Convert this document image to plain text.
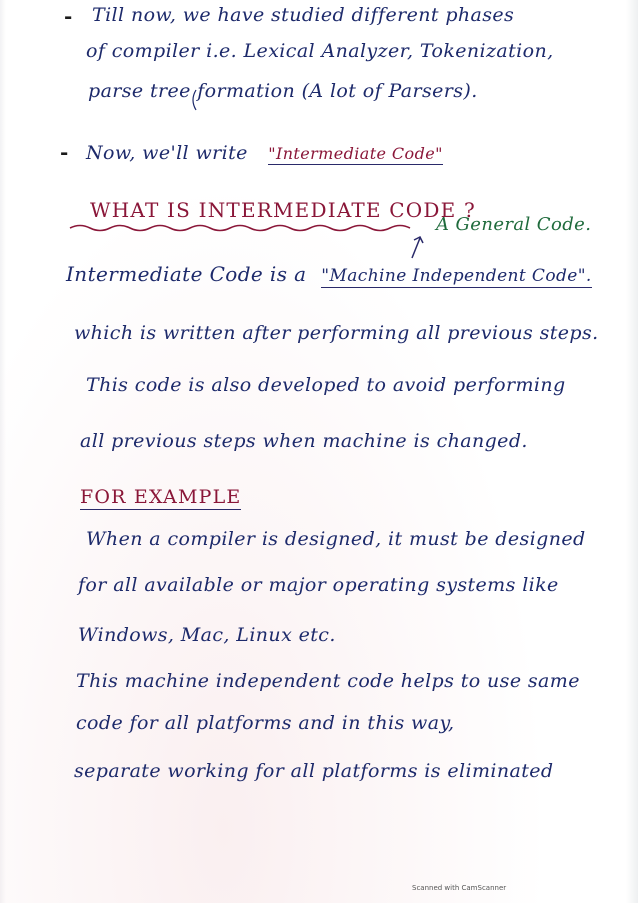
- Till now, we have studied different phases
of compiler i.e. Lexical Analyzer, Tokenization,
parse tree formation (A lot of Parsers).
- Now, we'll write "Intermediate Code"
WHAT IS INTERMEDIATE CODE ?
A General Code.
Intermediate Code is a "Machine Independent Code".
which is written after performing all previous steps.
This code is also developed to avoid performing
all previous steps when machine is changed.
FOR EXAMPLE
When a compiler is designed, it must be designed
for all available or major operating systems like
Windows, Mac, Linux etc.
This machine independent code helps to use same
code for all platforms and in this way,
separate working for all platforms is eliminated
Scanned with CamScanner
